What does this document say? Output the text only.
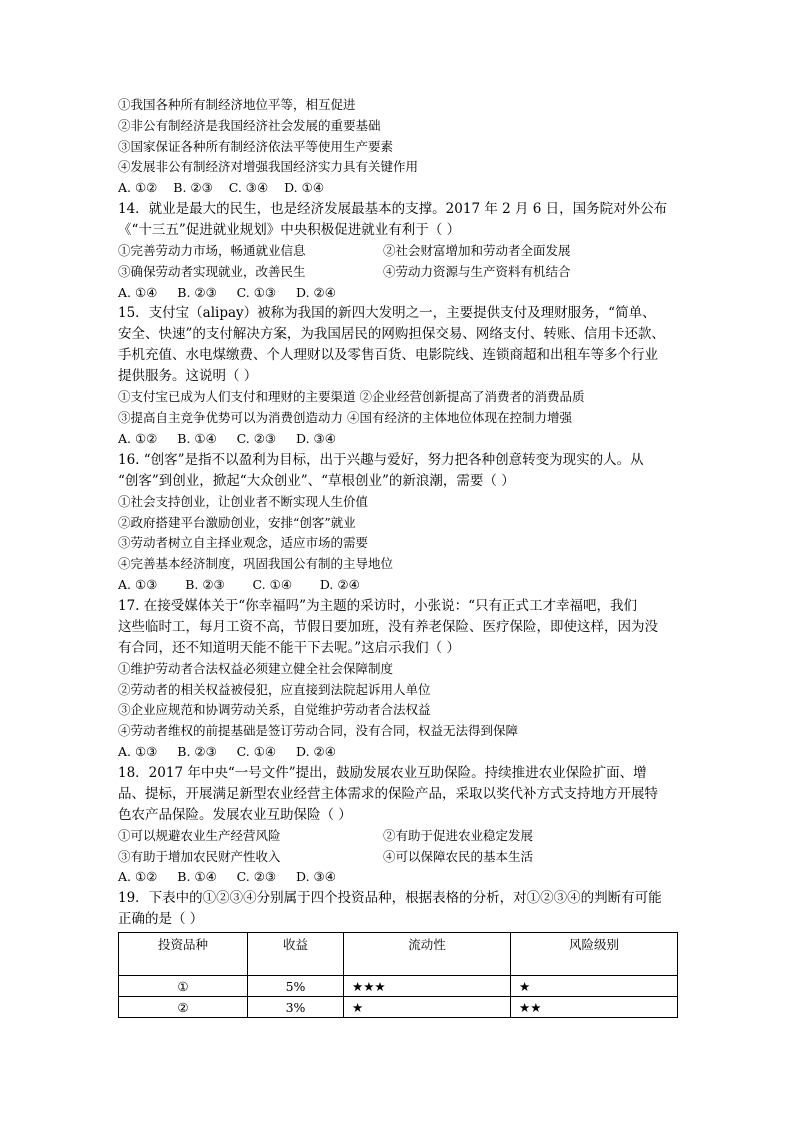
①我国各种所有制经济地位平等，相互促进
②非公有制经济是我国经济社会发展的重要基础
③国家保证各种所有制经济依法平等使用生产要素
④发展非公有制经济对增强我国经济实力具有关键作用
A. ①②    B. ②③    C. ③④    D. ①④
14．就业是最大的民生，也是经济发展最基本的支撑。2017 年 2 月 6 日，国务院对外公布
《“十三五”促进就业规划》中央积极促进就业有利于（ ）
①完善劳动力市场，畅通就业信息	②社会财富增加和劳动者全面发展
③确保劳动者实现就业，改善民生	④劳动力资源与生产资料有机结合
A. ①④     B. ②③     C. ①③     D. ②④
15．支付宝（alipay）被称为我国的新四大发明之一，主要提供支付及理财服务，“简单、
安全、快速”的支付解决方案，为我国居民的网购担保交易、网络支付、转账、信用卡还款、
手机充值、水电煤缴费、个人理财以及零售百货、电影院线、连锁商超和出租车等多个行业
提供服务。这说明（ ）
①支付宝已成为人们支付和理财的主要渠道 ②企业经营创新提高了消费者的消费品质
③提高自主竞争优势可以为消费创造动力 ④国有经济的主体地位体现在控制力增强
A. ①②     B. ①④     C. ②③     D. ③④
16. “创客”是指不以盈利为目标，出于兴趣与爱好，努力把各种创意转变为现实的人。从
“创客”到创业，掀起“大众创业”、“草根创业”的新浪潮，需要（ ）
①社会支持创业，让创业者不断实现人生价值
②政府搭建平台激励创业，安排“创客”就业
③劳动者树立自主择业观念，适应市场的需要
④完善基本经济制度，巩固我国公有制的主导地位
A. ①③       B. ②③       C. ①④       D. ②④
17. 在接受媒体关于“你幸福吗”为主题的采访时，小张说：“只有正式工才幸福吧，我们
这些临时工，每月工资不高，节假日要加班，没有养老保险、医疗保险，即使这样，因为没
有合同，还不知道明天能不能干下去呢。”这启示我们（ ）
①维护劳动者合法权益必须建立健全社会保障制度
②劳动者的相关权益被侵犯，应直接到法院起诉用人单位
③企业应规范和协调劳动关系，自觉维护劳动者合法权益
④劳动者维权的前提基础是签订劳动合同，没有合同，权益无法得到保障
A. ①③     B. ②③     C. ①④     D. ②④
18．2017 年中央“一号文件”提出，鼓励发展农业互助保险。持续推进农业保险扩面、增
品、提标，开展满足新型农业经营主体需求的保险产品，采取以奖代补方式支持地方开展特
色农产品保险。发展农业互助保险（ ）
①可以规避农业生产经营风险	②有助于促进农业稳定发展
③有助于增加农民财产性收入	④可以保障农民的基本生活
A. ①②     B. ①④     C. ②③     D. ③④
19．下表中的①②③④分别属于四个投资品种，根据表格的分析，对①②③④的判断有可能
正确的是（ ）
投资品种	收益	流动性	风险级别
①	5%	★★★	★
②	3%	★	★★
